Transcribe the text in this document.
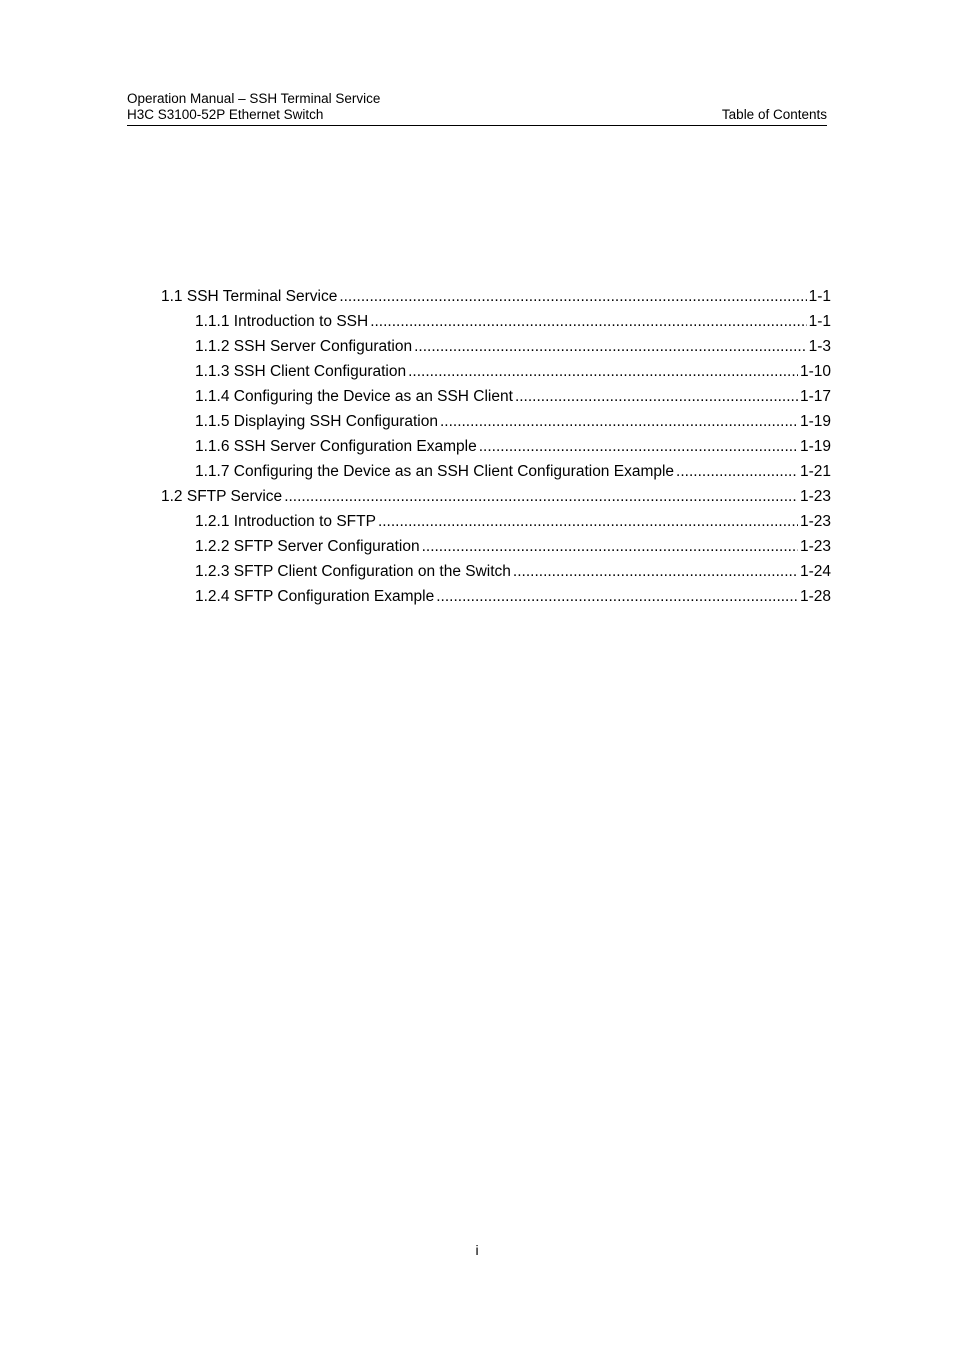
Operation Manual – SSH Terminal Service
H3C S3100-52P Ethernet Switch	Table of Contents
1.1 SSH Terminal Service .....	1-1
1.1.1 Introduction to SSH .....	1-1
1.1.2 SSH Server Configuration .....	1-3
1.1.3 SSH Client Configuration .....	1-10
1.1.4 Configuring the Device as an SSH Client .....	1-17
1.1.5 Displaying SSH Configuration .....	1-19
1.1.6 SSH Server Configuration Example .....	1-19
1.1.7 Configuring the Device as an SSH Client Configuration Example .....	1-21
1.2 SFTP Service .....	1-23
1.2.1 Introduction to SFTP .....	1-23
1.2.2 SFTP Server Configuration .....	1-23
1.2.3 SFTP Client Configuration on the Switch .....	1-24
1.2.4 SFTP Configuration Example .....	1-28
i
